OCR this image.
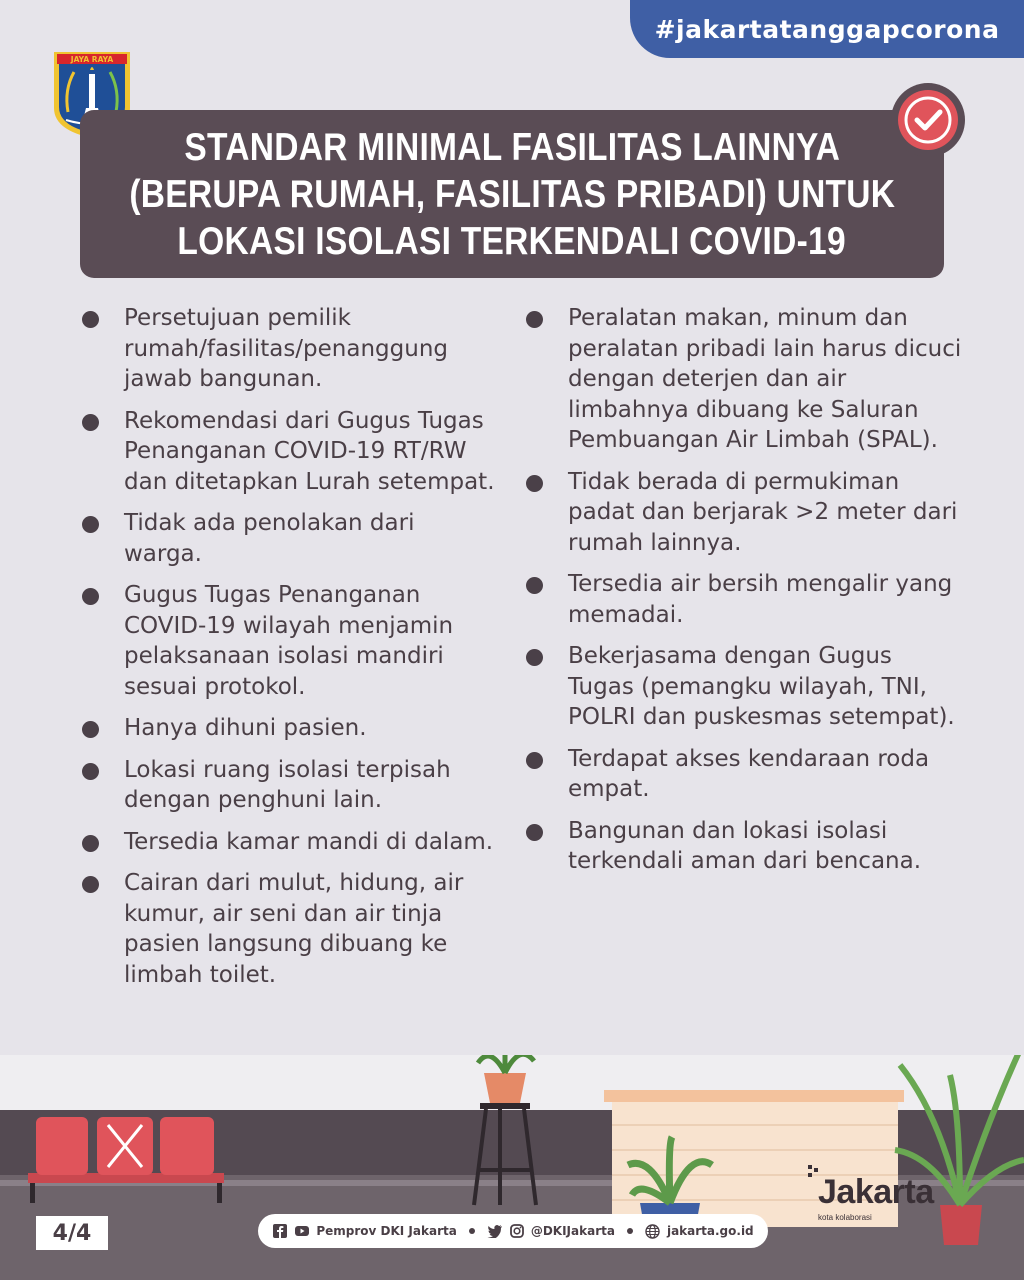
#jakartatanggapcorona
JAYA RAYA
STANDAR MINIMAL FASILITAS LAINNYA
(BERUPA RUMAH, FASILITAS PRIBADI) UNTUK
LOKASI ISOLASI TERKENDALI COVID-19
Persetujuan pemilik rumah/fasilitas/penanggung jawab bangunan.
Rekomendasi dari Gugus Tugas Penanganan COVID-19 RT/RW dan ditetapkan Lurah setempat.
Tidak ada penolakan dari warga.
Gugus Tugas Penanganan COVID-19 wilayah menjamin pelaksanaan isolasi mandiri sesuai protokol.
Hanya dihuni pasien.
Lokasi ruang isolasi terpisah dengan penghuni lain.
Tersedia kamar mandi di dalam.
Cairan dari mulut, hidung, air kumur, air seni dan air tinja pasien langsung dibuang ke limbah toilet.
Peralatan makan, minum dan peralatan pribadi lain harus dicuci dengan deterjen dan air limbahnya dibuang ke Saluran Pembuangan Air Limbah (SPAL).
Tidak berada di permukiman padat dan berjarak >2 meter dari rumah lainnya.
Tersedia air bersih mengalir yang memadai.
Bekerjasama dengan Gugus Tugas (pemangku wilayah, TNI, POLRI dan puskesmas setempat).
Terdapat akses kendaraan roda empat.
Bangunan dan lokasi isolasi terkendali aman dari bencana.
4/4	Pemprov DKI Jakarta	@DKIJakarta	jakarta.go.id
Jakarta
kota kolaborasi
